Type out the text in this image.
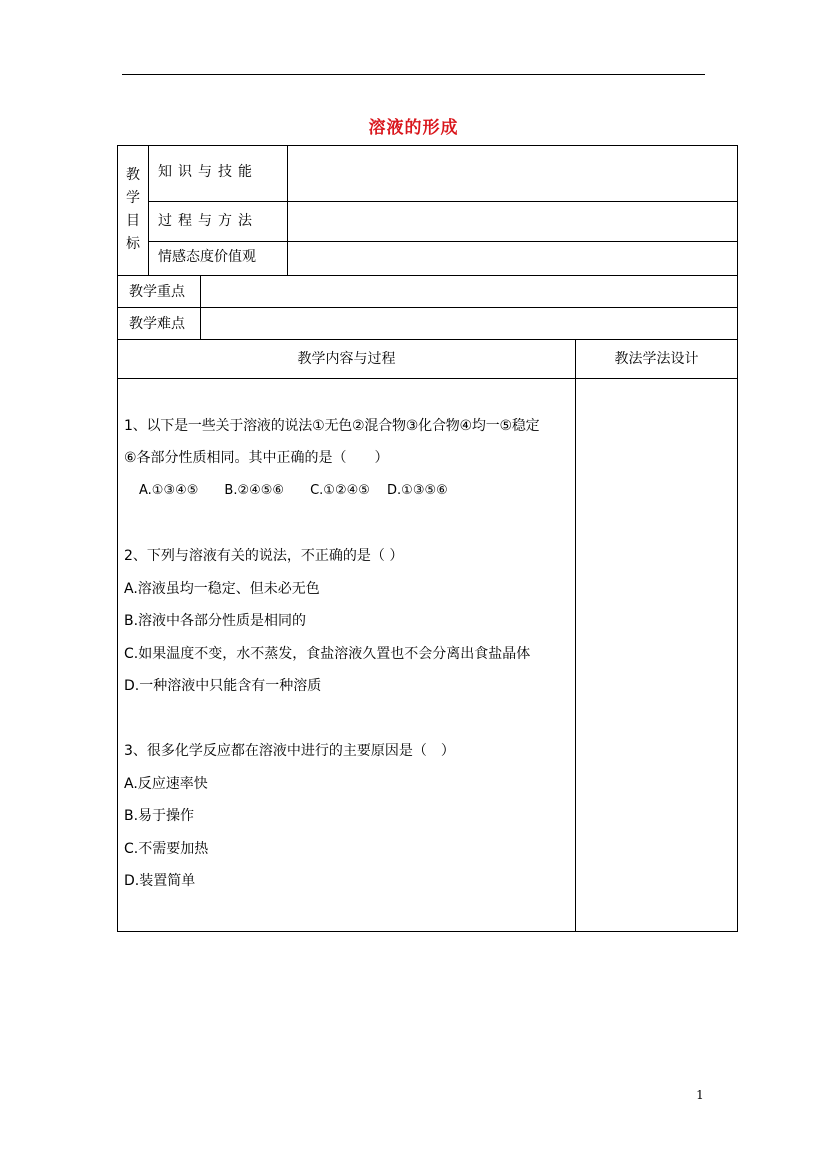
溶液的形成
教
学
目
标
知识与技能
过程与方法
情感态度价值观
教学重点
教学难点
教学内容与过程	教法学法设计
1、以下是一些关于溶液的说法①无色②混合物③化合物④均一⑤稳定
⑥各部分性质相同。其中正确的是（　　）
A.①③④⑤　　B.②④⑤⑥　　C.①②④⑤　 D.①③⑤⑥
2、下列与溶液有关的说法，不正确的是（ ）
A.溶液虽均一稳定、但未必无色
B.溶液中各部分性质是相同的
C.如果温度不变，水不蒸发，食盐溶液久置也不会分离出食盐晶体
D.一种溶液中只能含有一种溶质
3、很多化学反应都在溶液中进行的主要原因是（　）
A.反应速率快
B.易于操作
C.不需要加热
D.装置简单
1
